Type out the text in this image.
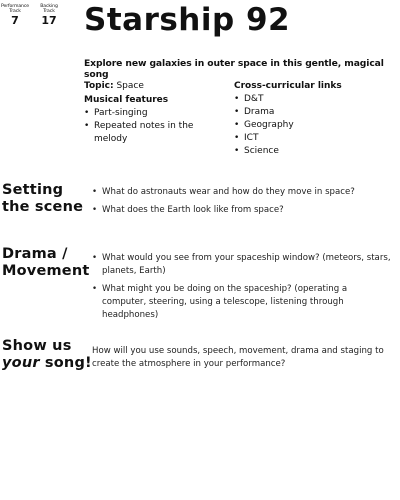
Performance
Track
7
Backing
Track
17 Starship 92
Explore new galaxies in outer space in this gentle, magical song
Topic: Space
Musical features
• Part-singing
• Repeated notes in the melody
Cross-curricular links
• D&T
• Drama
• Geography
• ICT
• Science
Setting
the scene
• What do astronauts wear and how do they move in space?
• What does the Earth look like from space?
Drama /
Movement
• What would you see from your spaceship window? (meteors, stars, planets, Earth)
• What might you be doing on the spaceship? (operating a computer, steering, using a telescope, listening through headphones)
Show us
your song!
How will you use sounds, speech, movement, drama and staging to create the atmosphere in your performance?
